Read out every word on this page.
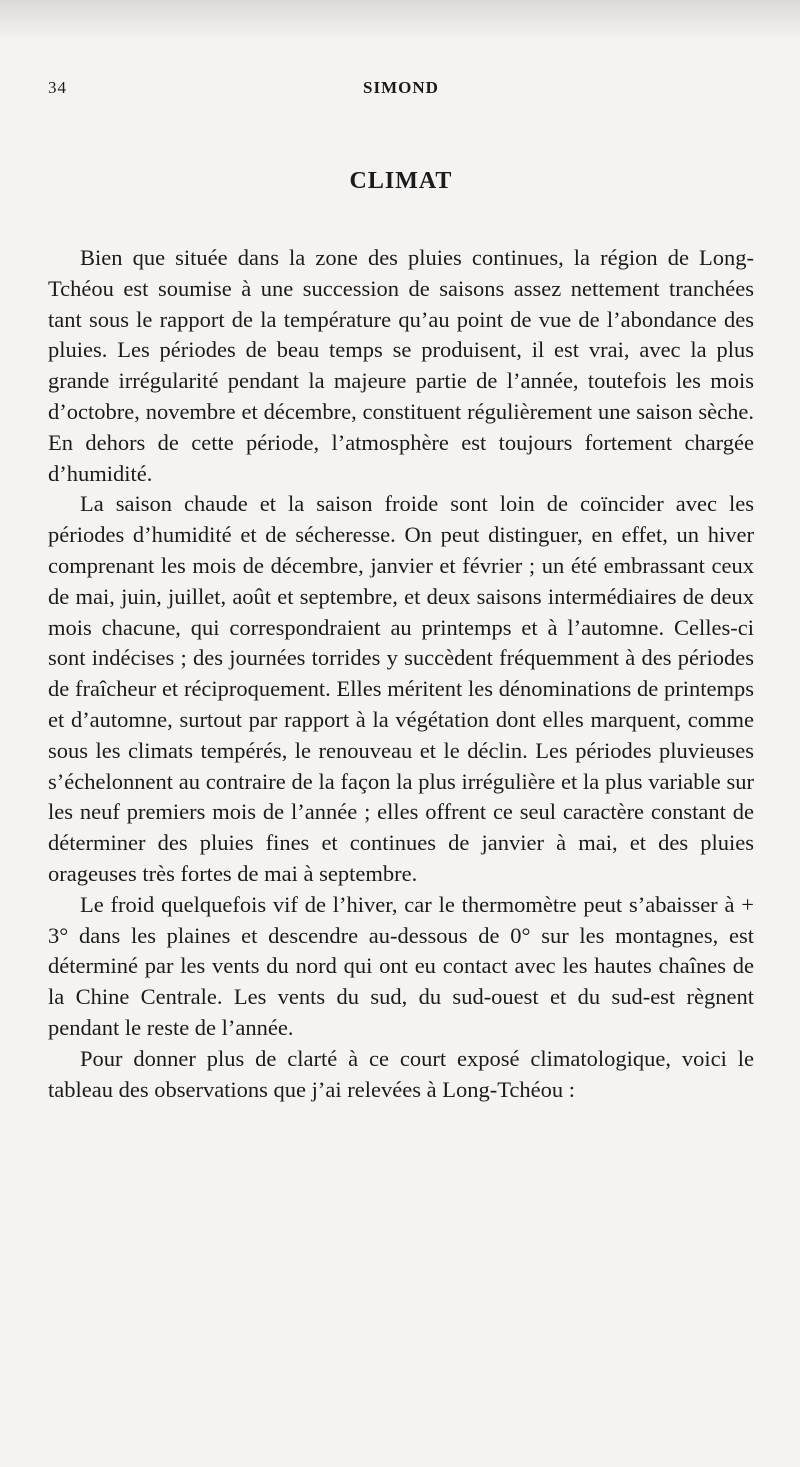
34	SIMOND
CLIMAT

Bien que située dans la zone des pluies continues, la région de Long-Tchéou est soumise à une succession de saisons assez nettement tranchées tant sous le rapport de la température qu’au point de vue de l’abondance des pluies. Les périodes de beau temps se produisent, il est vrai, avec la plus grande irrégularité pendant la majeure partie de l’année, toutefois les mois d’octobre, novembre et décembre, constituent régulièrement une saison sèche. En dehors de cette période, l’atmosphère est toujours fortement chargée d’humidité.

La saison chaude et la saison froide sont loin de coïncider avec les périodes d’humidité et de sécheresse. On peut distinguer, en effet, un hiver comprenant les mois de décembre, janvier et février ; un été embrassant ceux de mai, juin, juillet, août et septembre, et deux saisons intermédiaires de deux mois chacune, qui correspondraient au printemps et à l’automne. Celles-ci sont indécises ; des journées torrides y succèdent fréquemment à des périodes de fraîcheur et réciproquement. Elles méritent les dénominations de printemps et d’automne, surtout par rapport à la végétation dont elles marquent, comme sous les climats tempérés, le renouveau et le déclin. Les périodes pluvieuses s’échelonnent au contraire de la façon la plus irrégulière et la plus variable sur les neuf premiers mois de l’année ; elles offrent ce seul caractère constant de déterminer des pluies fines et continues de janvier à mai, et des pluies orageuses très fortes de mai à septembre.

Le froid quelquefois vif de l’hiver, car le thermomètre peut s’abaisser à + 3° dans les plaines et descendre au-dessous de 0° sur les montagnes, est déterminé par les vents du nord qui ont eu contact avec les hautes chaînes de la Chine Centrale. Les vents du sud, du sud-ouest et du sud-est règnent pendant le reste de l’année.

Pour donner plus de clarté à ce court exposé climatologique, voici le tableau des observations que j’ai relevées à Long-Tchéou :
